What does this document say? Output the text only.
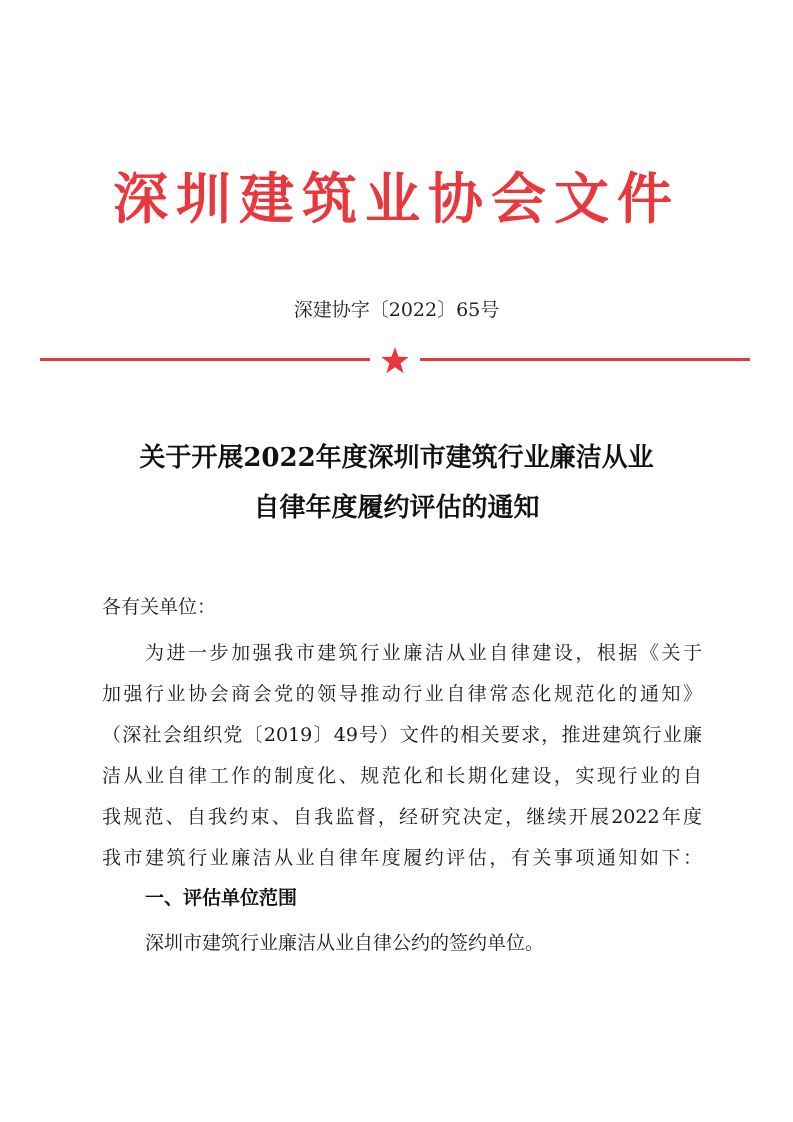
深圳建筑业协会文件
深建协字〔2022〕65号
关于开展2022年度深圳市建筑行业廉洁从业
自律年度履约评估的通知
各有关单位：
为进一步加强我市建筑行业廉洁从业自律建设，根据《关于
加强行业协会商会党的领导推动行业自律常态化规范化的通知》
（深社会组织党〔2019〕49号）文件的相关要求，推进建筑行业廉
洁从业自律工作的制度化、规范化和长期化建设，实现行业的自
我规范、自我约束、自我监督，经研究决定，继续开展2022年度
我市建筑行业廉洁从业自律年度履约评估，有关事项通知如下：
一、评估单位范围
深圳市建筑行业廉洁从业自律公约的签约单位。
